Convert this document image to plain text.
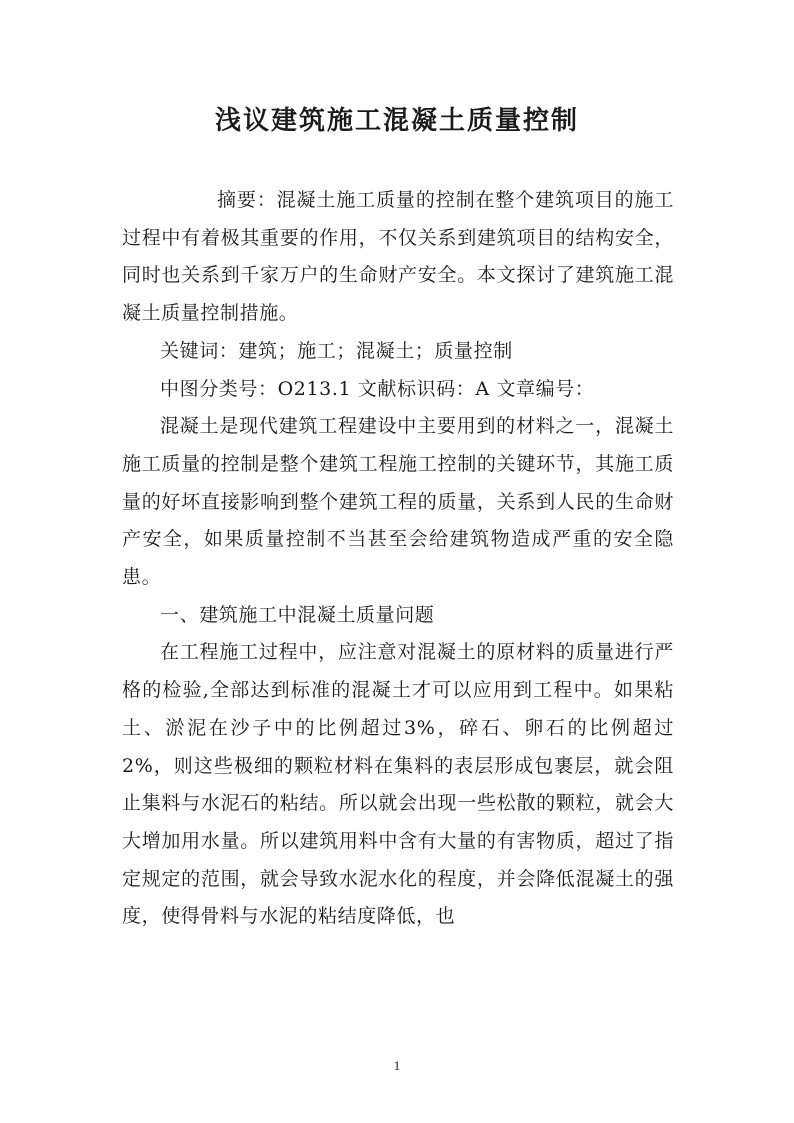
浅议建筑施工混凝土质量控制

摘要：混凝土施工质量的控制在整个建筑项目的施工过程中有着极其重要的作用，不仅关系到建筑项目的结构安全，同时也关系到千家万户的生命财产安全。本文探讨了建筑施工混凝土质量控制措施。

关键词：建筑；施工；混凝土；质量控制

中图分类号：O213.1 文献标识码：A 文章编号：

混凝土是现代建筑工程建设中主要用到的材料之一，混凝土施工质量的控制是整个建筑工程施工控制的关键环节，其施工质量的好坏直接影响到整个建筑工程的质量，关系到人民的生命财产安全，如果质量控制不当甚至会给建筑物造成严重的安全隐患。

一、建筑施工中混凝土质量问题

在工程施工过程中，应注意对混凝土的原材料的质量进行严格的检验,全部达到标准的混凝土才可以应用到工程中。如果粘土、淤泥在沙子中的比例超过3%，碎石、卵石的比例超过2%，则这些极细的颗粒材料在集料的表层形成包裹层，就会阻止集料与水泥石的粘结。所以就会出现一些松散的颗粒，就会大大增加用水量。所以建筑用料中含有大量的有害物质，超过了指定规定的范围，就会导致水泥水化的程度，并会降低混凝土的强度，使得骨料与水泥的粘结度降低，也

1
